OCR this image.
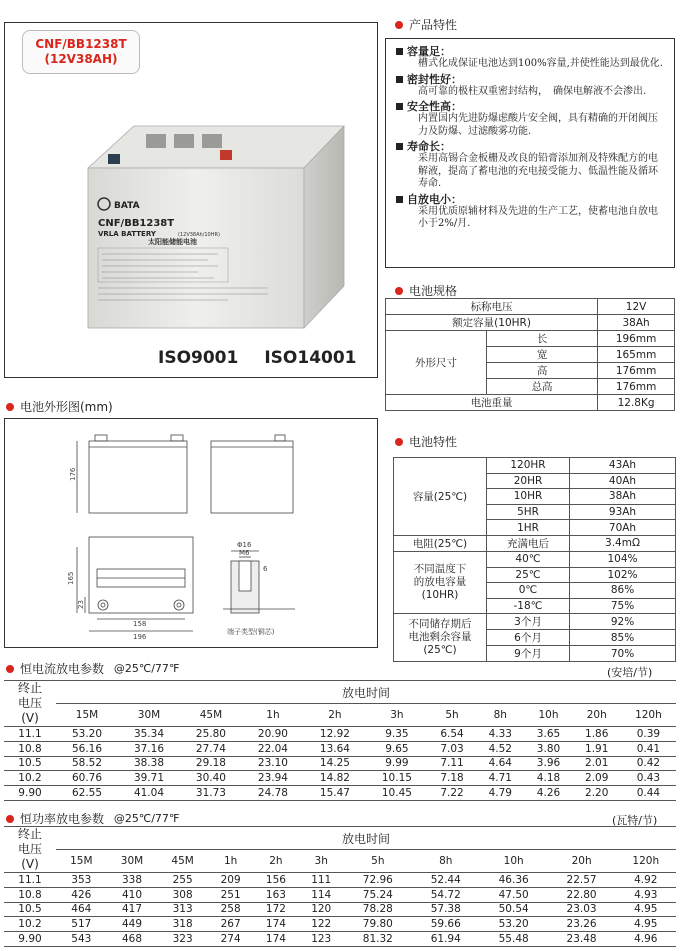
CNF/BB1238T
(12V38AH)
BATA
CNF/BB1238T
VRLA BATTERY	(12V38Ah/10HR)
太阳能储能电池
ISO9001 ISO14001
产品特性
容量足：
槽式化成保证电池达到100%容量,并使性能达到最优化.
密封性好：
高可靠的极柱双重密封结构，　确保电解液不会渗出.
安全性高：
内置国内先进防爆虑酸片安全阀，具有精确的开闭阀压力及防爆、过滤酸雾功能.
寿命长：
采用高锡合金板栅及改良的铅膏添加剂及特殊配方的电解液，提高了蓄电池的充电接受能力、低温性能及循环寿命.
自放电小：
采用优质原辅材料及先进的生产工艺，使蓄电池自放电小于2%/月.
电池规格
标称电压		12V
额定容量(10HR)		38Ah
外形尺寸	长	196mm
	宽	165mm
	高	176mm
	总高	176mm
电池重量		12.8Kg
电池特性
容量(25℃)	120HR	43Ah
	20HR	40Ah
	10HR	38Ah
	5HR	93Ah
	1HR	70Ah
电阻(25℃)	充满电后	3.4mΩ

不同温度下
的放电容量
(10HR)	40℃	104%
	25℃	102%
	0℃	86%
	-18℃	75%

不同储存期后
电池剩余容量
(25℃)	3个月	92%
	6个月	85%
	9个月	70%
电池外形图(mm)
176
165
23
158
196
Φ16
M6
6
端子类型(铜芯)
恒电流放电参数 @25℃/77℉	(安培/节)
终止
电压
(V)	放电时间										
	15M	30M	45M	1h	2h	3h	5h	8h	10h	20h	120h
11.1	53.20	35.34	25.80	20.90	12.92	9.35	6.54	4.33	3.65	1.86	0.39
10.8	56.16	37.16	27.74	22.04	13.64	9.65	7.03	4.52	3.80	1.91	0.41
10.5	58.52	38.38	29.18	23.10	14.25	9.99	7.11	4.64	3.96	2.01	0.42
10.2	60.76	39.71	30.40	23.94	14.82	10.15	7.18	4.71	4.18	2.09	0.43
9.90	62.55	41.04	31.73	24.78	15.47	10.45	7.22	4.79	4.26	2.20	0.44
恒功率放电参数 @25℃/77℉	(瓦特/节)
终止
电压
(V)	放电时间										
	15M	30M	45M	1h	2h	3h	5h	8h	10h	20h	120h
11.1	353	338	255	209	156	111	72.96	52.44	46.36	22.57	4.92
10.8	426	410	308	251	163	114	75.24	54.72	47.50	22.80	4.93
10.5	464	417	313	258	172	120	78.28	57.38	50.54	23.03	4.95
10.2	517	449	318	267	174	122	79.80	59.66	53.20	23.26	4.95
9.90	543	468	323	274	174	123	81.32	61.94	55.48	23.48	4.96
